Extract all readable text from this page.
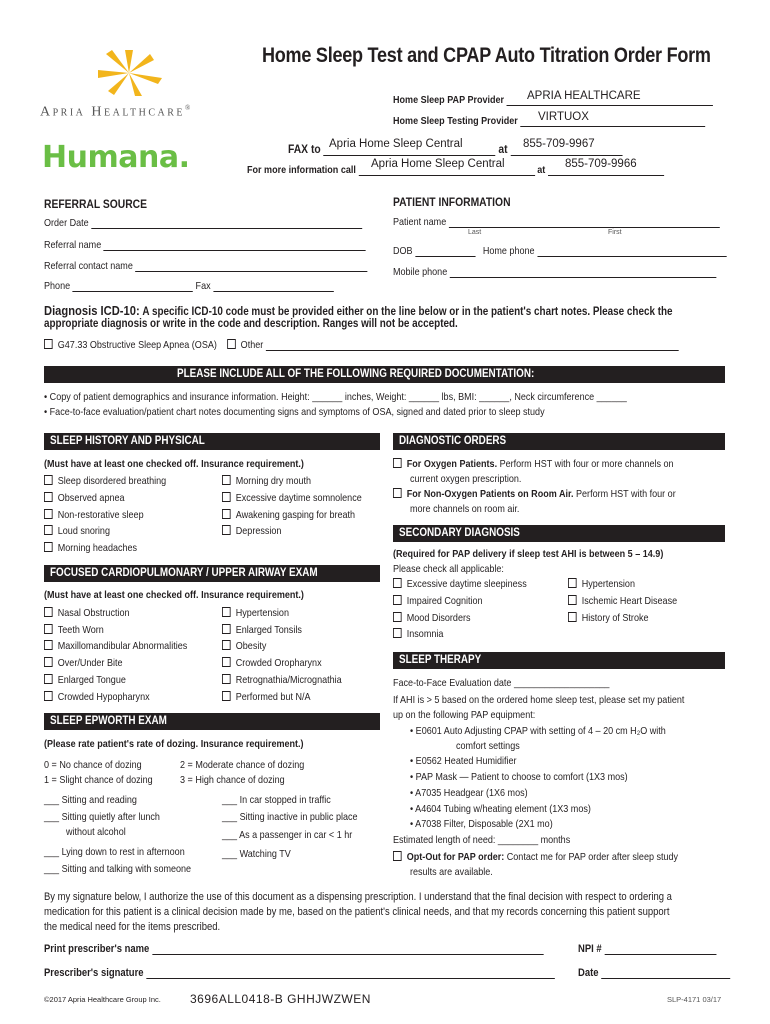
Apria Healthcare®
Humana.
Home Sleep Test and CPAP Auto Titration Order Form
Home Sleep PAP Provider	APRIA HEALTHCARE
Home Sleep Testing Provider	VIRTUOX
FAX to	at
Apria Home Sleep Central	855-709-9967
For more information call	at
Apria Home Sleep Central	855-709-9966
REFERRAL SOURCE
Order Date
Referral name
Referral contact name
Phone	Fax
PATIENT INFORMATION
Patient name
Last	First
DOB	Home phone
Mobile phone
Diagnosis ICD-10: A specific ICD-10 code must be provided either on the line below or in the patient's chart notes. Please check the
appropriate diagnosis or write in the code and description. Ranges will not be accepted.
G47.33 Obstructive Sleep Apnea (OSA) Other
PLEASE INCLUDE ALL OF THE FOLLOWING REQUIRED DOCUMENTATION:
• Copy of patient demographics and insurance information. Height: ______ inches, Weight: ______ lbs, BMI: ______, Neck circumference ______
• Face-to-face evaluation/patient chart notes documenting signs and symptoms of OSA, signed and dated prior to sleep study
SLEEP HISTORY AND PHYSICAL
(Must have at least one checked off. Insurance requirement.)
Sleep disordered breathing
Observed apnea
Non-restorative sleep
Loud snoring
Morning headaches
Morning dry mouth
Excessive daytime somnolence
Awakening gasping for breath
Depression
FOCUSED CARDIOPULMONARY / UPPER AIRWAY EXAM
(Must have at least one checked off. Insurance requirement.)
Nasal Obstruction
Teeth Worn
Maxillomandibular Abnormalities
Over/Under Bite
Enlarged Tongue
Crowded Hypopharynx
Hypertension
Enlarged Tonsils
Obesity
Crowded Oropharynx
Retrognathia/Micrognathia
Performed but N/A
SLEEP EPWORTH EXAM
(Please rate patient's rate of dozing. Insurance requirement.)
0 = No chance of dozing	2 = Moderate chance of dozing
1 = Slight chance of dozing	3 = High chance of dozing
___ Sitting and reading
___ Sitting quietly after lunch
without alcohol
___ Lying down to rest in afternoon
___ Sitting and talking with someone
___ In car stopped in traffic
___ Sitting inactive in public place
___ As a passenger in car < 1 hr
___ Watching TV
DIAGNOSTIC ORDERS
For Oxygen Patients. Perform HST with four or more channels on
current oxygen prescription.
For Non-Oxygen Patients on Room Air. Perform HST with four or
more channels on room air.
SECONDARY DIAGNOSIS
(Required for PAP delivery if sleep test AHI is between 5 – 14.9)
Please check all applicable:
Excessive daytime sleepiness
Impaired Cognition
Mood Disorders
Insomnia
Hypertension
Ischemic Heart Disease
History of Stroke
SLEEP THERAPY
Face-to-Face Evaluation date ___________________
If AHI is > 5 based on the ordered home sleep test, please set my patient
up on the following PAP equipment:
• E0601 Auto Adjusting CPAP with setting of 4 – 20 cm H₂O with
comfort settings
• E0562 Heated Humidifier
• PAP Mask — Patient to choose to comfort (1X3 mos)
• A7035 Headgear (1X6 mos)
• A4604 Tubing w/heating element (1X3 mos)
• A7038 Filter, Disposable (2X1 mo)
Estimated length of need: ________ months
Opt-Out for PAP order: Contact me for PAP order after sleep study
results are available.
By my signature below, I authorize the use of this document as a dispensing prescription. I understand that the final decision with respect to ordering a
medication for this patient is a clinical decision made by me, based on the patient's clinical needs, and that my records concerning this patient support
the medical need for the items prescribed.
Print prescriber's name	NPI #
Prescriber's signature	Date
©2017 Apria Healthcare Group Inc. 3696ALL0418-B GHHJWZWEN	SLP-4171 03/17
